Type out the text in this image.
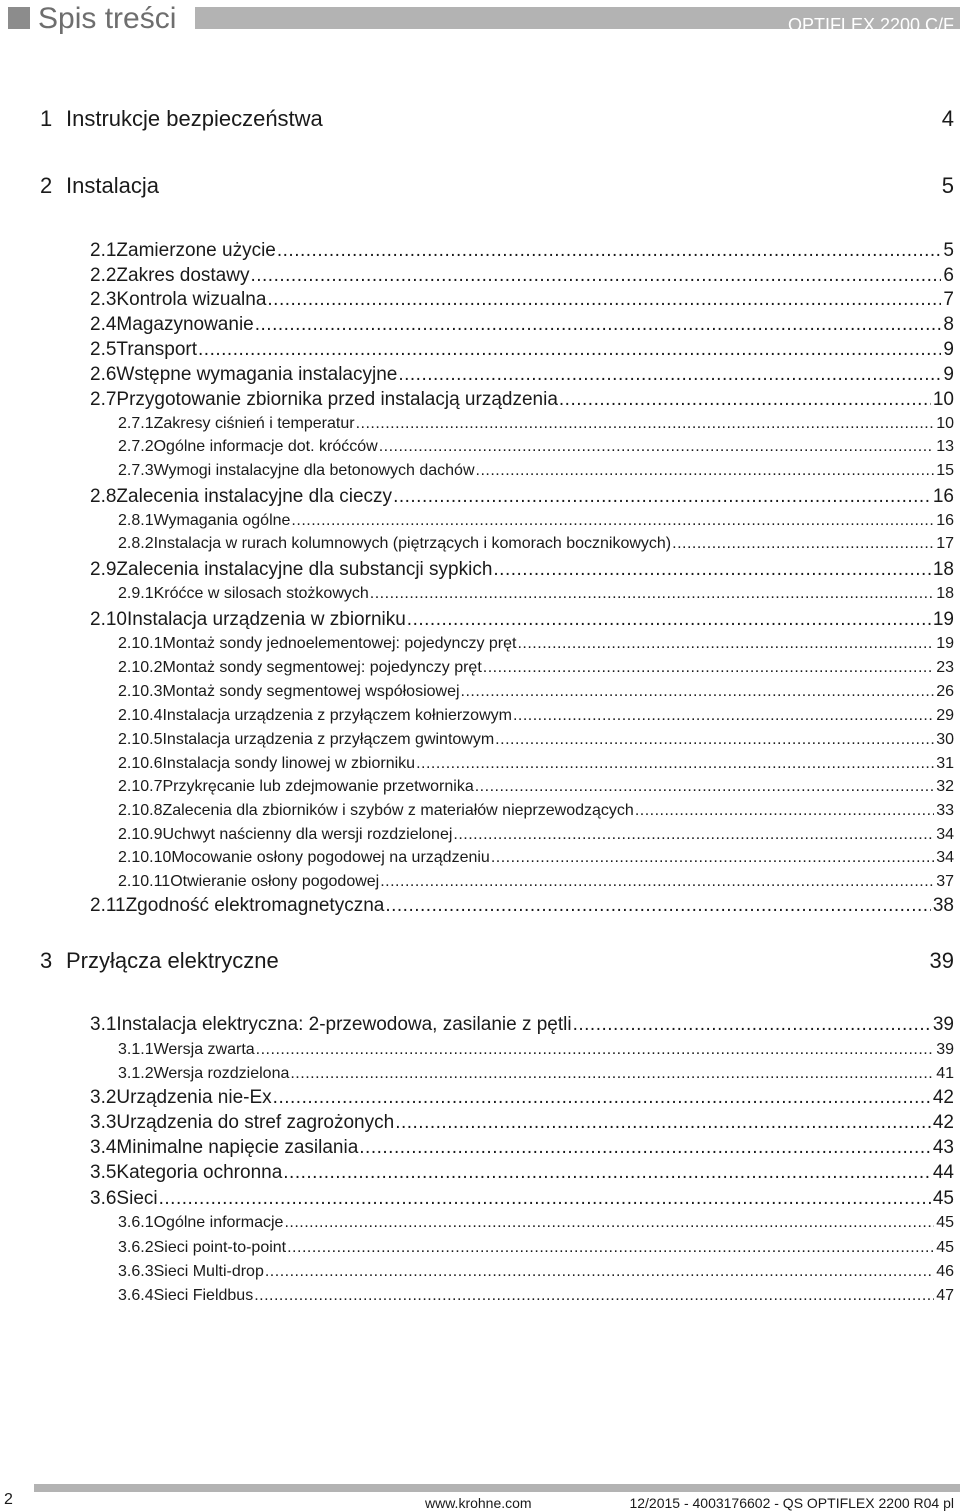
Spis treści	OPTIFLEX 2200 C/F
1 Instrukcje bezpieczeństwa	4
2 Instalacja	5
2.1 Zamierzone użycie .....	5
2.2 Zakres dostawy .....	6
2.3 Kontrola wizualna .....	7
2.4 Magazynowanie .....	8
2.5 Transport .....	9
2.6 Wstępne wymagania instalacyjne .....	9
2.7 Przygotowanie zbiornika przed instalacją urządzenia .....	10
2.7.1 Zakresy ciśnień i temperatur .....	10
2.7.2 Ogólne informacje dot. króćców .....	13
2.7.3 Wymogi instalacyjne dla betonowych dachów .....	15
2.8 Zalecenia instalacyjne dla cieczy .....	16
2.8.1 Wymagania ogólne .....	16
2.8.2 Instalacja w rurach kolumnowych (piętrzących i komorach bocznikowych) .....	17
2.9 Zalecenia instalacyjne dla substancji sypkich .....	18
2.9.1 Króćce w silosach stożkowych .....	18
2.10 Instalacja urządzenia w zbiorniku .....	19
2.10.1 Montaż sondy jednoelementowej: pojedynczy pręt .....	19
2.10.2 Montaż sondy segmentowej: pojedynczy pręt .....	23
2.10.3 Montaż sondy segmentowej współosiowej .....	26
2.10.4 Instalacja urządzenia z przyłączem kołnierzowym .....	29
2.10.5 Instalacja urządzenia z przyłączem gwintowym .....	30
2.10.6 Instalacja sondy linowej w zbiorniku .....	31
2.10.7 Przykręcanie lub zdejmowanie przetwornika .....	32
2.10.8 Zalecenia dla zbiorników i szybów z materiałów nieprzewodzących .....	33
2.10.9 Uchwyt naścienny dla wersji rozdzielonej .....	34
2.10.10 Mocowanie osłony pogodowej na urządzeniu .....	34
2.10.11 Otwieranie osłony pogodowej .....	37
2.11 Zgodność elektromagnetyczna .....	38
3 Przyłącza elektryczne	39
3.1 Instalacja elektryczna: 2-przewodowa, zasilanie z pętli .....	39
3.1.1 Wersja zwarta .....	39
3.1.2 Wersja rozdzielona .....	41
3.2 Urządzenia nie-Ex .....	42
3.3 Urządzenia do stref zagrożonych .....	42
3.4 Minimalne napięcie zasilania .....	43
3.5 Kategoria ochronna .....	44
3.6 Sieci .....	45
3.6.1 Ogólne informacje .....	45
3.6.2 Sieci point-to-point .....	45
3.6.3 Sieci Multi-drop .....	46
3.6.4 Sieci Fieldbus .....	47
2	www.krohne.com	12/2015 - 4003176602 - QS OPTIFLEX 2200 R04 pl
